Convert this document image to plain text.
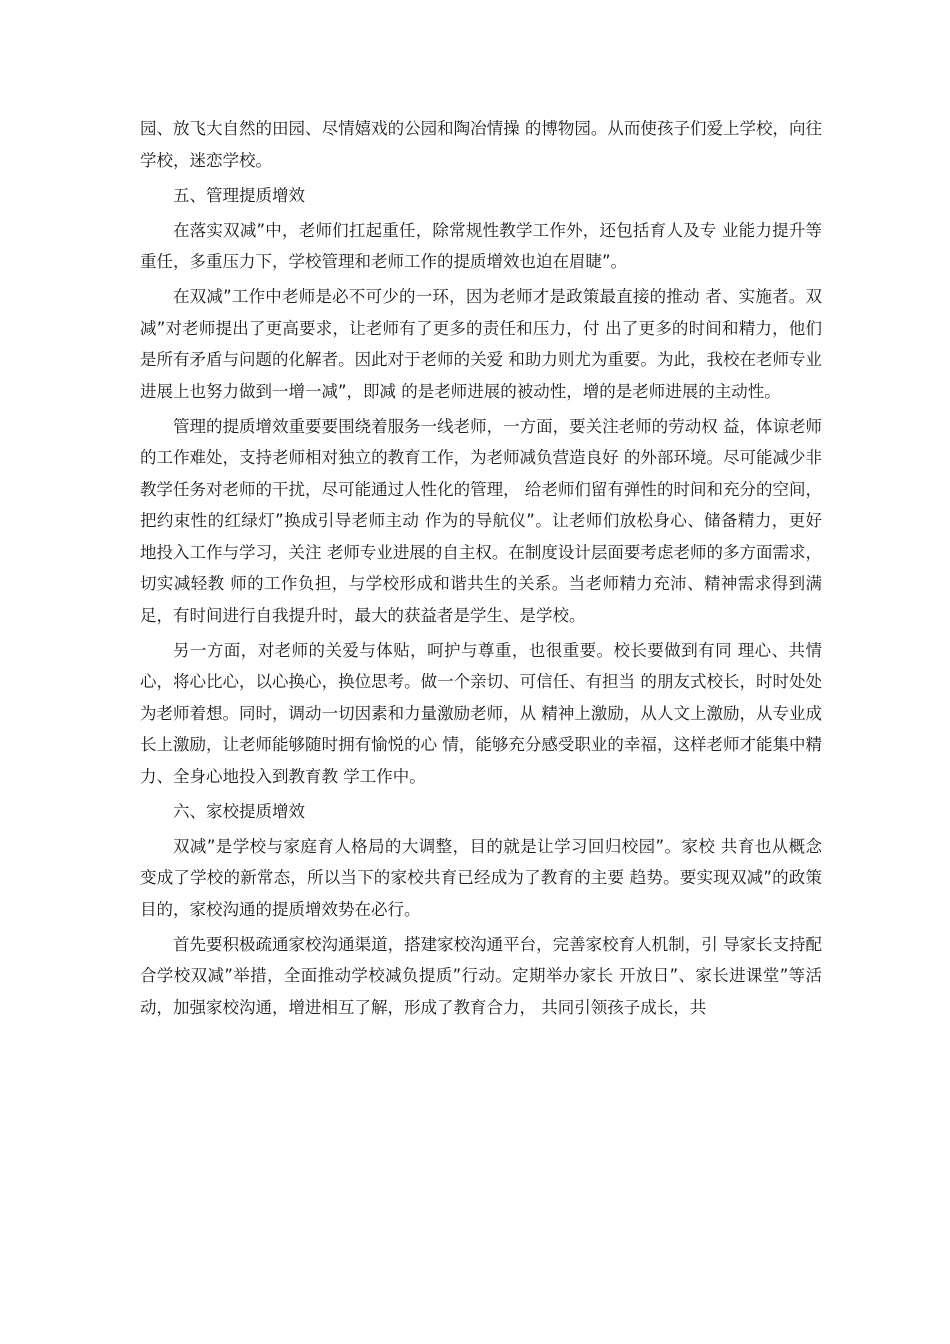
园、放飞大自然的田园、尽情嬉戏的公园和陶冶情操 的博物园。从而使孩子们爱上学校，向往学校，迷恋学校。

五、管理提质增效

在落实双减”中，老师们扛起重任，除常规性教学工作外，还包括育人及专 业能力提升等重任，多重压力下，学校管理和老师工作的提质增效也迫在眉睫”。

在双减”工作中老师是必不可少的一环，因为老师才是政策最直接的推动 者、实施者。双减”对老师提出了更高要求，让老师有了更多的责任和压力，付 出了更多的时间和精力，他们是所有矛盾与问题的化解者。因此对于老师的关爱 和助力则尤为重要。为此，我校在老师专业进展上也努力做到一增一减”，即减 的是老师进展的被动性，增的是老师进展的主动性。

管理的提质增效重要要围绕着服务一线老师，一方面，要关注老师的劳动权 益，体谅老师的工作难处，支持老师相对独立的教育工作，为老师减负营造良好 的外部环境。尽可能减少非教学任务对老师的干扰，尽可能通过人性化的管理， 给老师们留有弹性的时间和充分的空间，把约束性的红绿灯”换成引导老师主动 作为的导航仪”。让老师们放松身心、储备精力，更好地投入工作与学习，关注 老师专业进展的自主权。在制度设计层面要考虑老师的多方面需求，切实减轻教 师的工作负担，与学校形成和谐共生的关系。当老师精力充沛、精神需求得到满 足，有时间进行自我提升时，最大的获益者是学生、是学校。

另一方面，对老师的关爱与体贴，呵护与尊重，也很重要。校长要做到有同 理心、共情心，将心比心，以心换心，换位思考。做一个亲切、可信任、有担当 的朋友式校长，时时处处为老师着想。同时，调动一切因素和力量激励老师，从 精神上激励，从人文上激励，从专业成长上激励，让老师能够随时拥有愉悦的心 情，能够充分感受职业的幸福，这样老师才能集中精力、全身心地投入到教育教 学工作中。

六、家校提质增效

双减”是学校与家庭育人格局的大调整，目的就是让学习回归校园”。家校 共育也从概念变成了学校的新常态，所以当下的家校共育已经成为了教育的主要 趋势。要实现双减”的政策目的，家校沟通的提质增效势在必行。

首先要积极疏通家校沟通渠道，搭建家校沟通平台，完善家校育人机制，引 导家长支持配合学校双减”举措，全面推动学校减负提质”行动。定期举办家长 开放日”、家长进课堂”等活动，加强家校沟通，增进相互了解，形成了教育合力， 共同引领孩子成长，共
